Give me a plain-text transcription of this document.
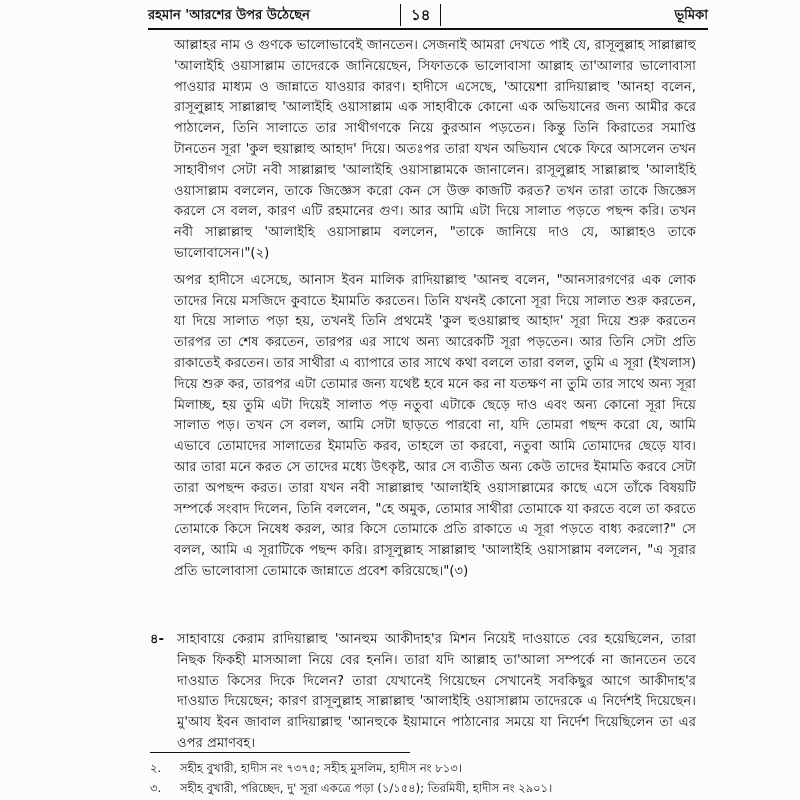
রহমান 'আরশের উপর উঠেছেন	১৪	ভূমিকা

আল্লাহর নাম ও গুণকে ভালোভাবেই জানতেন। সেজনাই আমরা দেখতে পাই যে, রাসূলুল্লাহ সাল্লাল্লাহু 'আলাইহি ওয়াসাল্লাম তাদেরকে জানিয়েছেন, সিফাতকে ভালোবাসা আল্লাহ তা'আলার ভালোবাসা পাওয়ার মাধ্যম ও জান্নাতে যাওয়ার কারণ। হাদীসে এসেছে, 'আয়েশা রাদিয়াল্লাহু 'আনহা বলেন, রাসূলুল্লাহ সাল্লাল্লাহু 'আলাইহি ওয়াসাল্লাম এক সাহাবীকে কোনো এক অভিযানের জন্য আমীর করে পাঠালেন, তিনি সালাতে তার সাথীগণকে নিয়ে কুরআন পড়তেন। কিন্তু তিনি কিরাতের সমাপ্তি টানতেন সূরা 'কুল হুয়াল্লাহু আহাদ' দিয়ে। অতঃপর তারা যখন অভিযান থেকে ফিরে আসলেন তখন সাহাবীগণ সেটা নবী সাল্লাল্লাহু 'আলাইহি ওয়াসাল্লামকে জানালেন। রাসূলুল্লাহ সাল্লাল্লাহু 'আলাইহি ওয়াসাল্লাম বললেন, তাকে জিজ্ঞেস করো কেন সে উক্ত কাজটি করত? তখন তারা তাকে জিজ্ঞেস করলে সে বলল, কারণ এটি রহমানের গুণ। আর আমি এটা দিয়ে সালাত পড়তে পছন্দ করি। তখন নবী সাল্লাল্লাহু 'আলাইহি ওয়াসাল্লাম বললেন, "তাকে জানিয়ে দাও যে, আল্লাহও তাকে ভালোবাসেন।"(২)

অপর হাদীসে এসেছে, আনাস ইবন মালিক রাদিয়াল্লাহু 'আনহু বলেন, "আনসারগণের এক লোক তাদের নিয়ে মসজিদে কুবাতে ইমামতি করতেন। তিনি যখনই কোনো সূরা দিয়ে সালাত শুরু করতেন, যা দিয়ে সালাত পড়া হয়, তখনই তিনি প্রথমেই 'কুল হুওয়াল্লাহু আহাদ' সূরা দিয়ে শুরু করতেন তারপর তা শেষ করতেন, তারপর এর সাথে অন্য আরেকটি সূরা পড়তেন। আর তিনি সেটা প্রতি রাকাতেই করতেন। তার সাথীরা এ ব্যাপারে তার সাথে কথা বললে তারা বলল, তুমি এ সূরা (ইখলাস) দিয়ে শুরু কর, তারপর এটা তোমার জন্য যথেষ্ট হবে মনে কর না যতক্ষণ না তুমি তার সাথে অন্য সূরা মিলাচ্ছ, হয় তুমি এটা দিয়েই সালাত পড় নতুবা এটাকে ছেড়ে দাও এবং অন্য কোনো সূরা দিয়ে সালাত পড়। তখন সে বলল, আমি সেটা ছাড়তে পারবো না, যদি তোমরা পছন্দ করো যে, আমি এভাবে তোমাদের সালাতের ইমামতি করব, তাহলে তা করবো, নতুবা আমি তোমাদের ছেড়ে যাব। আর তারা মনে করত সে তাদের মধ্যে উৎকৃষ্ট, আর সে ব্যতীত অন্য কেউ তাদের ইমামতি করবে সেটা তারা অপছন্দ করত। তারা যখন নবী সাল্লাল্লাহু 'আলাইহি ওয়াসাল্লামের কাছে এসে তাঁকে বিষয়টি সম্পর্কে সংবাদ দিলেন, তিনি বললেন, "হে অমুক, তোমার সাথীরা তোমাকে যা করতে বলে তা করতে তোমাকে কিসে নিষেধ করল, আর কিসে তোমাকে প্রতি রাকাতে এ সূরা পড়তে বাধ্য করলো?" সে বলল, আমি এ সূরাটিকে পছন্দ করি। রাসূলুল্লাহ সাল্লাল্লাহু 'আলাইহি ওয়াসাল্লাম বললেন, "এ সূরার প্রতি ভালোবাসা তোমাকে জান্নাতে প্রবেশ করিয়েছে।"(৩)

৪- সাহাবায়ে কেরাম রাদিয়াল্লাহু 'আনহুম আকীদাহ'র মিশন নিয়েই দাওয়াতে বের হয়েছিলেন, তারা নিছক ফিকহী মাসআলা নিয়ে বের হননি। তারা যদি আল্লাহ তা'আলা সম্পর্কে না জানতেন তবে দাওয়াত কিসের দিকে দিলেন? তারা যেখানেই গিয়েছেন সেখানেই সবকিছুর আগে আকীদাহ'র দাওয়াত দিয়েছেন; কারণ রাসূলুল্লাহ সাল্লাল্লাহু 'আলাইহি ওয়াসাল্লাম তাদেরকে এ নির্দেশই দিয়েছেন। মু'আয ইবন জাবাল রাদিয়াল্লাহু 'আনহুকে ইয়ামানে পাঠানোর সময়ে যা নির্দেশ দিয়েছিলেন তা এর ওপর প্রমাণবহ।
২. সহীহ বুখারী, হাদীস নং ৭৩৭৫; সহীহ মুসলিম, হাদীস নং ৮১৩।
৩. সহীহ বুখারী, পরিচ্ছেদ, দু' সূরা একত্রে পড়া (১/১৫৪); তিরমিযী, হাদীস নং ২৯০১।
